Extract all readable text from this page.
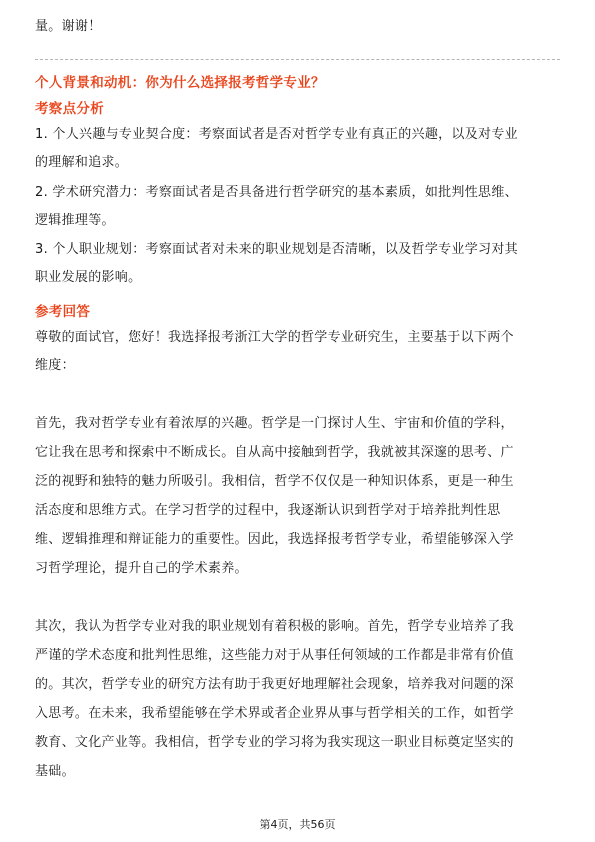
量。谢谢！
个人背景和动机：你为什么选择报考哲学专业？
考察点分析
1. 个人兴趣与专业契合度：考察面试者是否对哲学专业有真正的兴趣，以及对专业
的理解和追求。
2. 学术研究潜力：考察面试者是否具备进行哲学研究的基本素质，如批判性思维、
逻辑推理等。
3. 个人职业规划：考察面试者对未来的职业规划是否清晰，以及哲学专业学习对其
职业发展的影响。
参考回答
尊敬的面试官，您好！我选择报考浙江大学的哲学专业研究生，主要基于以下两个
维度：
首先，我对哲学专业有着浓厚的兴趣。哲学是一门探讨人生、宇宙和价值的学科，
它让我在思考和探索中不断成长。自从高中接触到哲学，我就被其深邃的思考、广
泛的视野和独特的魅力所吸引。我相信，哲学不仅仅是一种知识体系，更是一种生
活态度和思维方式。在学习哲学的过程中，我逐渐认识到哲学对于培养批判性思
维、逻辑推理和辩证能力的重要性。因此，我选择报考哲学专业，希望能够深入学
习哲学理论，提升自己的学术素养。
其次，我认为哲学专业对我的职业规划有着积极的影响。首先，哲学专业培养了我
严谨的学术态度和批判性思维，这些能力对于从事任何领域的工作都是非常有价值
的。其次，哲学专业的研究方法有助于我更好地理解社会现象，培养我对问题的深
入思考。在未来，我希望能够在学术界或者企业界从事与哲学相关的工作，如哲学
教育、文化产业等。我相信，哲学专业的学习将为我实现这一职业目标奠定坚实的
基础。
第4页，共56页
